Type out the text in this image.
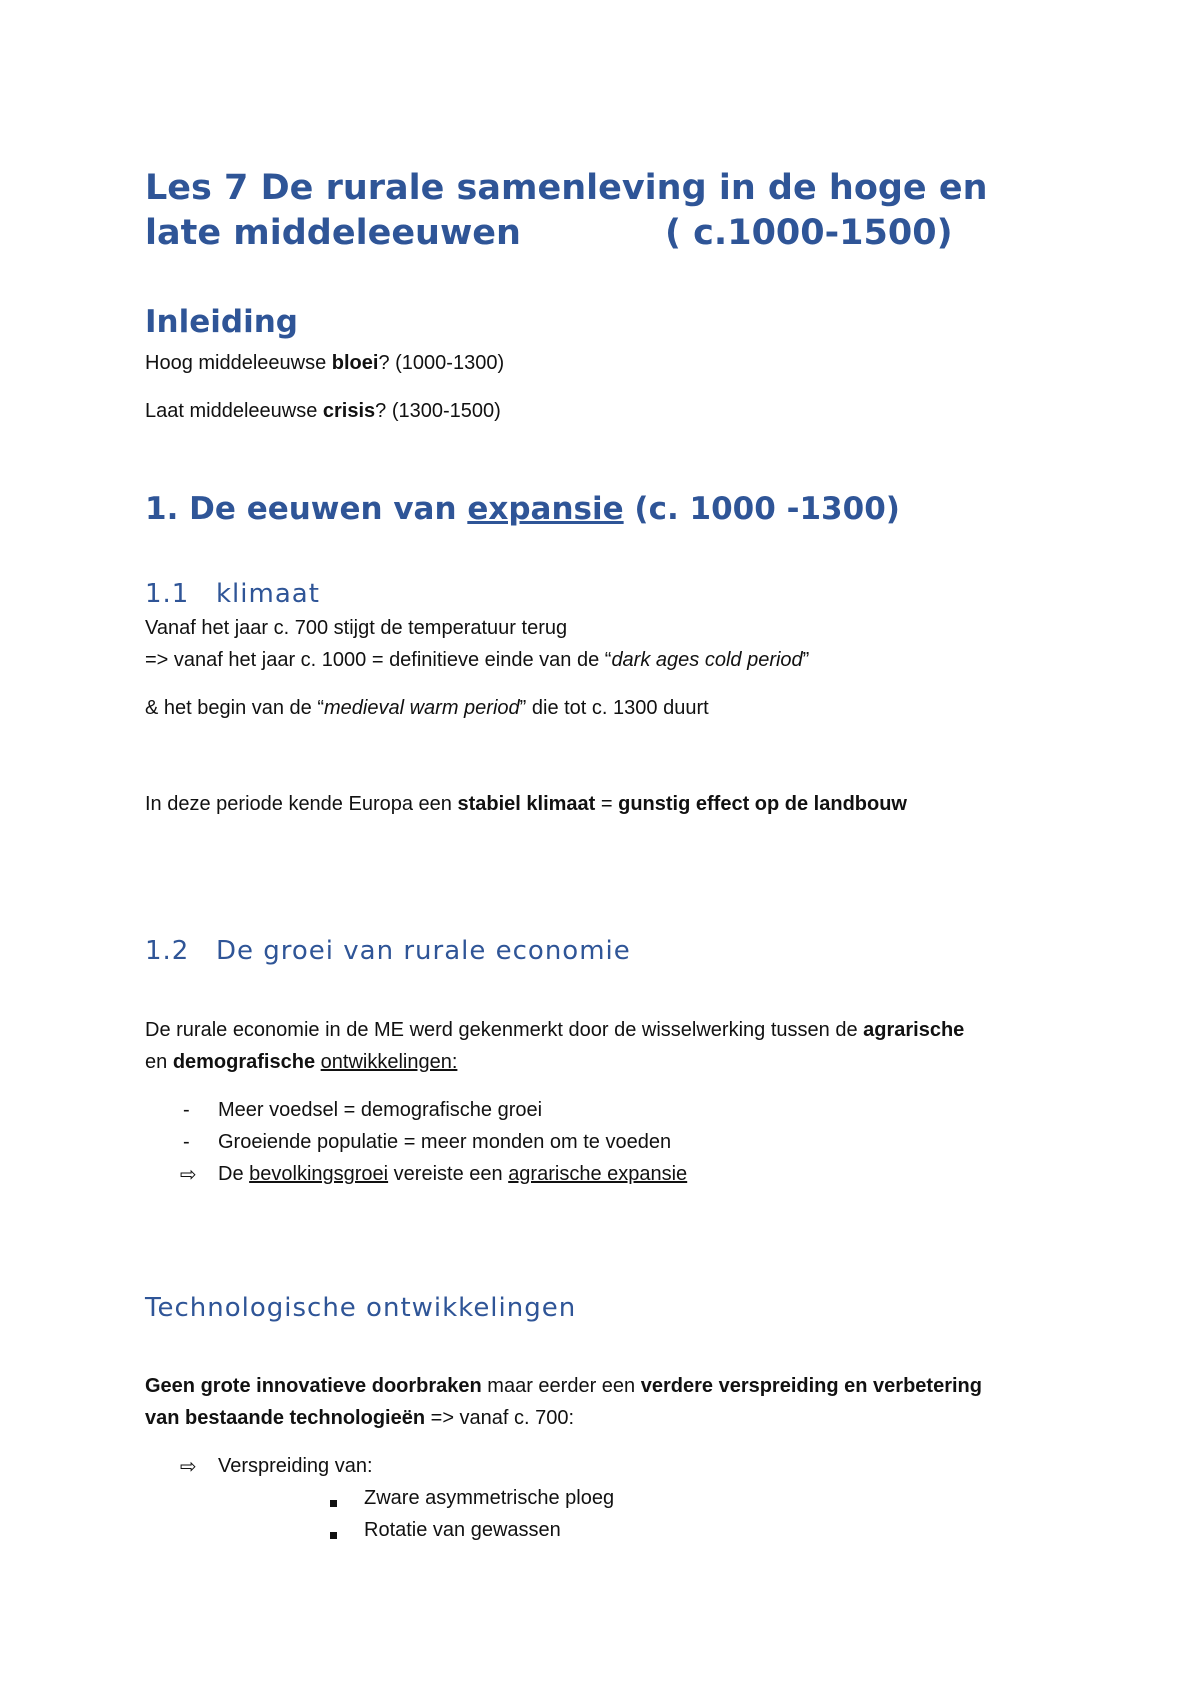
Les 7 De rurale samenleving in de hoge en
late middeleeuwen	( c.1000-1500)
Inleiding
Hoog middeleeuwse bloei? (1000-1300)
Laat middeleeuwse crisis? (1300-1500)
1. De eeuwen van expansie (c. 1000 -1300)
1.1 klimaat
Vanaf het jaar c. 700 stijgt de temperatuur terug
=> vanaf het jaar c. 1000 = definitieve einde van de “dark ages cold period”
& het begin van de “medieval warm period” die tot c. 1300 duurt
In deze periode kende Europa een stabiel klimaat = gunstig effect op de landbouw
1.2 De groei van rurale economie
De rurale economie in de ME werd gekenmerkt door de wisselwerking tussen de agrarische
en demografische ontwikkelingen:
- Meer voedsel = demografische groei
- Groeiende populatie = meer monden om te voeden
⇨ De bevolkingsgroei vereiste een agrarische expansie
Technologische ontwikkelingen
Geen grote innovatieve doorbraken maar eerder een verdere verspreiding en verbetering
van bestaande technologieën => vanaf c. 700:
⇨ Verspreiding van:
Zware asymmetrische ploeg
Rotatie van gewassen
